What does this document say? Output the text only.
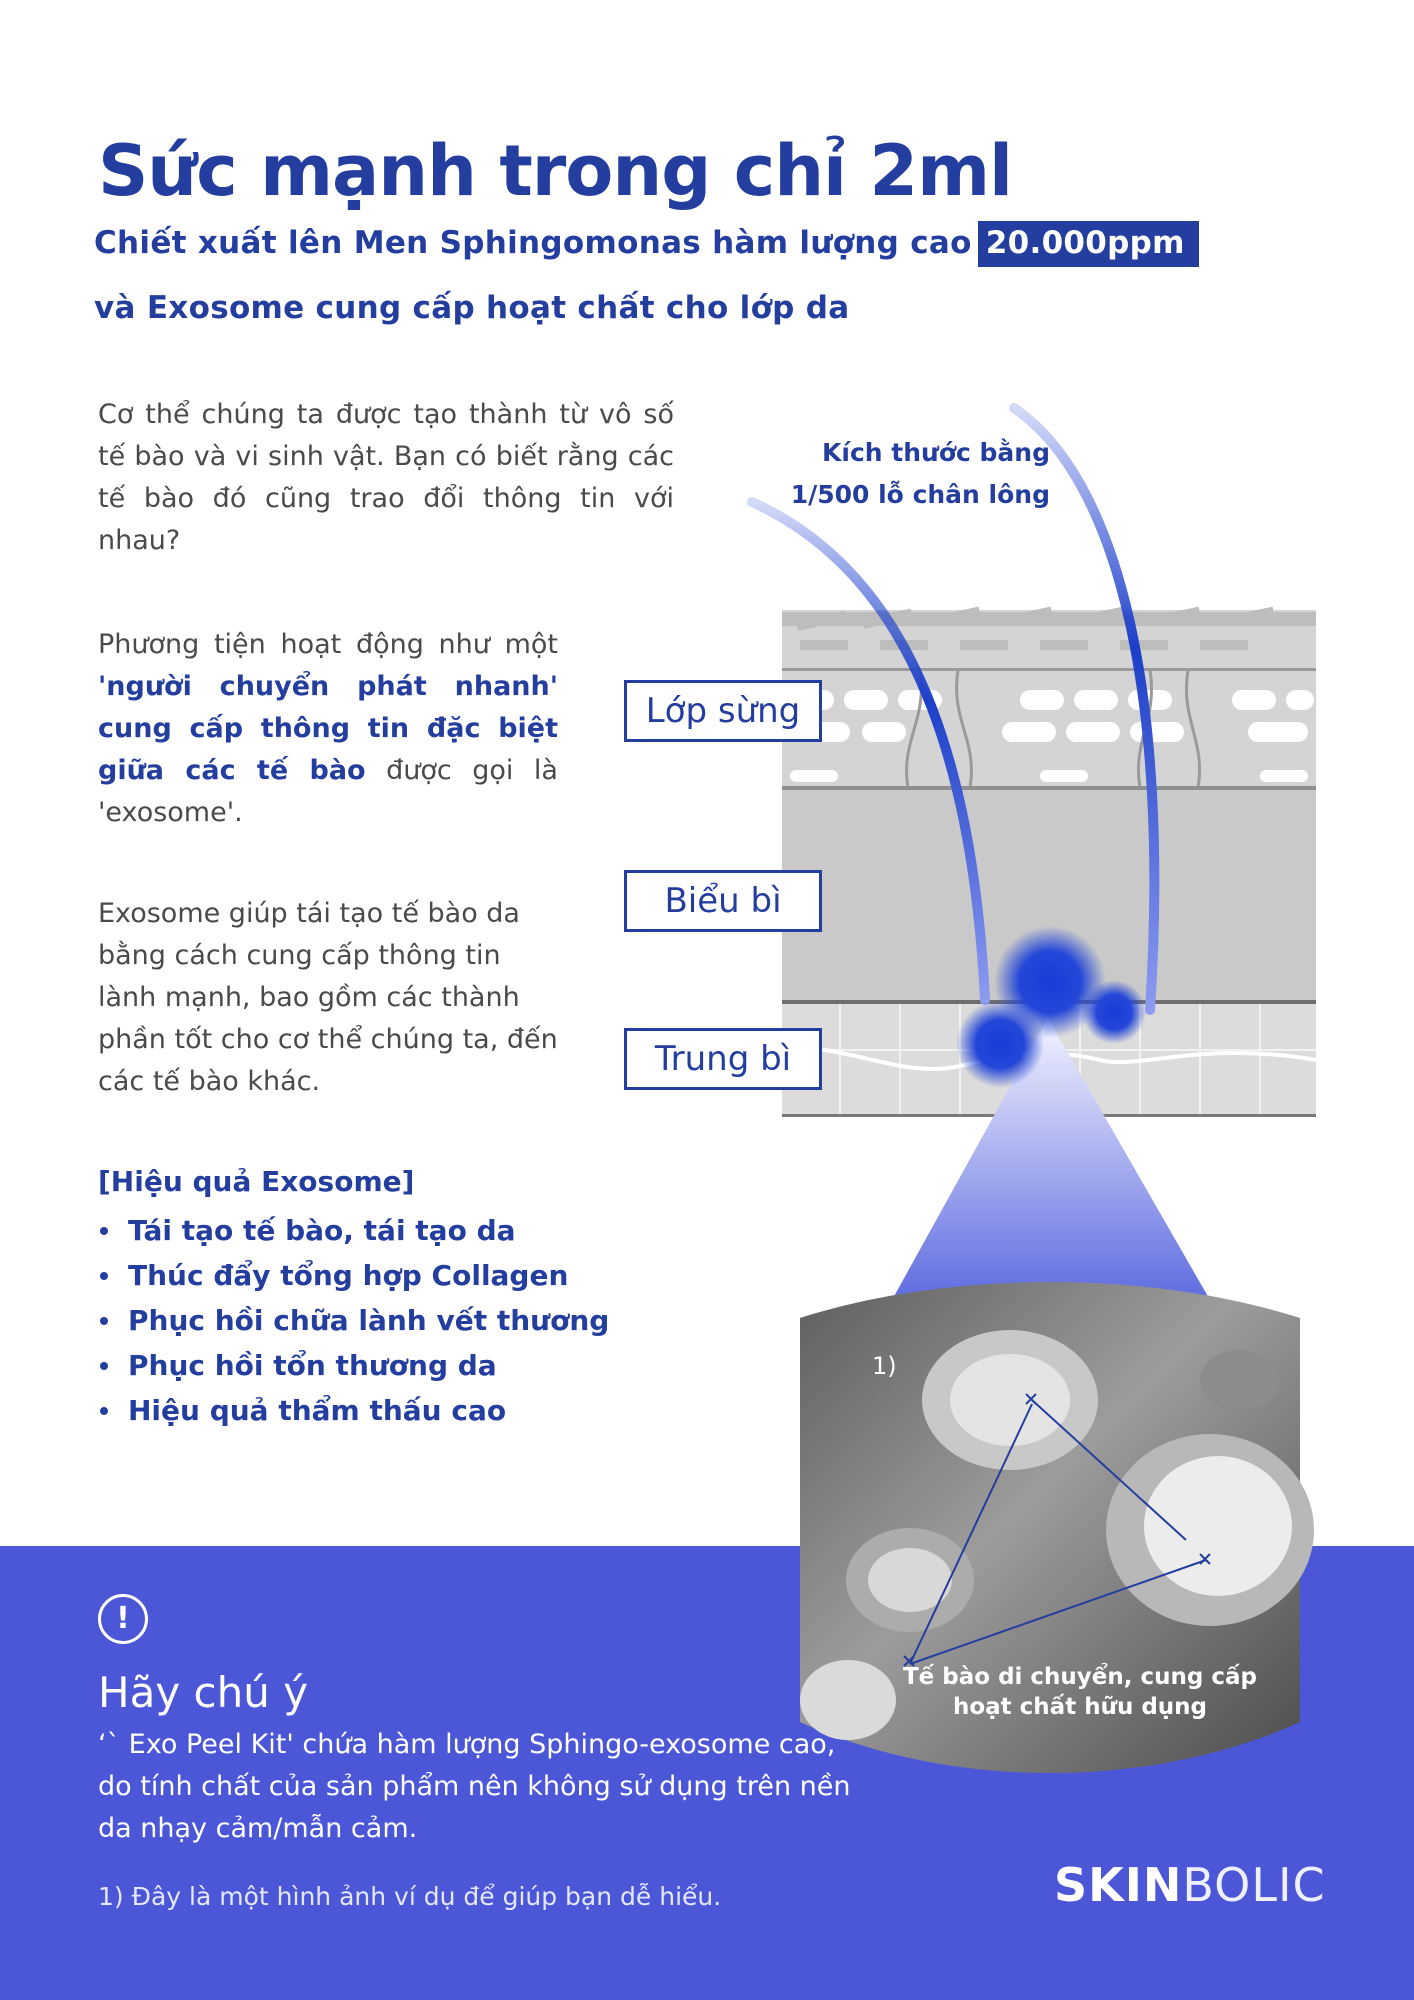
Sức mạnh trong chỉ 2ml
Chiết xuất lên Men Sphingomonas hàm lượng cao 20.000ppm
và Exosome cung cấp hoạt chất cho lớp da

Cơ thể chúng ta được tạo thành từ vô số tế bào và vi sinh vật. Bạn có biết rằng các tế bào đó cũng trao đổi thông tin với nhau?

Phương tiện hoạt động như một 'người chuyển phát nhanh' cung cấp thông tin đặc biệt giữa các tế bào được gọi là 'exosome'.

Exosome giúp tái tạo tế bào da bằng cách cung cấp thông tin lành mạnh, bao gồm các thành phần tốt cho cơ thể chúng ta, đến các tế bào khác.

[Hiệu quả Exosome]
Tái tạo tế bào, tái tạo da
Thúc đẩy tổng hợp Collagen
Phục hồi chữa lành vết thương
Phục hồi tổn thương da
Hiệu quả thẩm thấu cao
Kích thước bằng
1/500 lỗ chân lông
Lớp sừng
Biểu bì
Trung bì
1)
Tế bào di chuyển, cung cấp
hoạt chất hữu dụng
!
Hãy chú ý

‘` Exo Peel Kit' chứa hàm lượng Sphingo-exosome cao, do tính chất của sản phẩm nên không sử dụng trên nền da nhạy cảm/mẫn cảm.

1) Đây là một hình ảnh ví dụ để giúp bạn dễ hiểu.	SKINBOLIC
